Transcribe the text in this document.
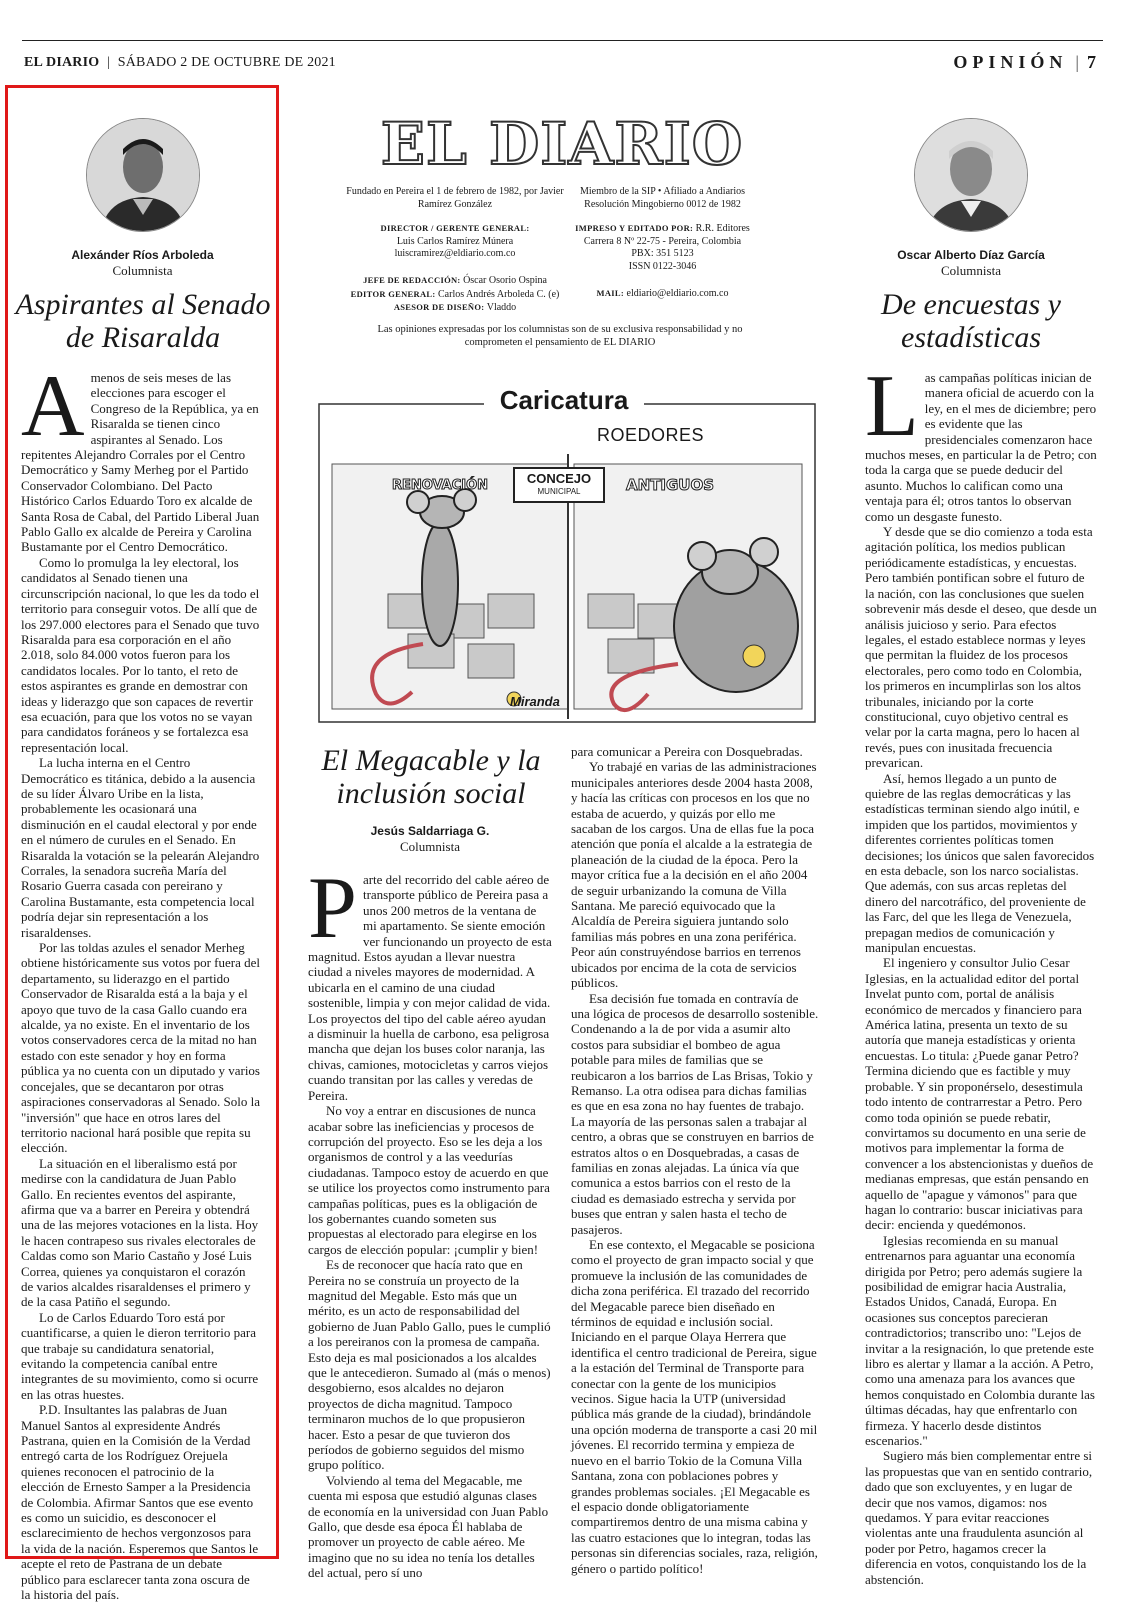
EL DIARIO | SÁBADO 2 DE OCTUBRE DE 2021	OPINIÓN | 7
Alexánder Ríos Arboleda
Columnista
Aspirantes al Senado de Risaralda
A menos de seis meses de las elecciones para escoger el Congreso de la República, ya en Risaralda se tienen cinco aspirantes al Senado. Los repitentes Alejandro Corrales por el Centro Democrático y Samy Merheg por el Partido Conservador Colombiano. Del Pacto Histórico Carlos Eduardo Toro ex alcalde de Santa Rosa de Cabal, del Partido Liberal Juan Pablo Gallo ex alcalde de Pereira y Carolina Bustamante por el Centro Democrático.

Como lo promulga la ley electoral, los candidatos al Senado tienen una circunscripción nacional, lo que les da todo el territorio para conseguir votos. De allí que de los 297.000 electores para el Senado que tuvo Risaralda para esa corporación en el año 2.018, solo 84.000 votos fueron para los candidatos locales. Por lo tanto, el reto de estos aspirantes es grande en demostrar con ideas y liderazgo que son capaces de revertir esa ecuación, para que los votos no se vayan para candidatos foráneos y se fortalezca esa representación local.

La lucha interna en el Centro Democrático es titánica, debido a la ausencia de su líder Álvaro Uribe en la lista, probablemente les ocasionará una disminución en el caudal electoral y por ende en el número de curules en el Senado. En Risaralda la votación se la pelearán Alejandro Corrales, la senadora sucreña María del Rosario Guerra casada con pereirano y Carolina Bustamante, esta competencia local podría dejar sin representación a los risaraldenses.

Por las toldas azules el senador Merheg obtiene históricamente sus votos por fuera del departamento, su liderazgo en el partido Conservador de Risaralda está a la baja y el apoyo que tuvo de la casa Gallo cuando era alcalde, ya no existe. En el inventario de los votos conservadores cerca de la mitad no han estado con este senador y hoy en forma pública ya no cuenta con un diputado y varios concejales, que se decantaron por otras aspiraciones conservadoras al Senado. Solo la "inversión" que hace en otros lares del territorio nacional hará posible que repita su elección.

La situación en el liberalismo está por medirse con la candidatura de Juan Pablo Gallo. En recientes eventos del aspirante, afirma que va a barrer en Pereira y obtendrá una de las mejores votaciones en la lista. Hoy le hacen contrapeso sus rivales electorales de Caldas como son Mario Castaño y José Luis Correa, quienes ya conquistaron el corazón de varios alcaldes risaraldenses el primero y de la casa Patiño el segundo.

Lo de Carlos Eduardo Toro está por cuantificarse, a quien le dieron territorio para que trabaje su candidatura senatorial, evitando la competencia caníbal entre integrantes de su movimiento, como si ocurre en las otras huestes.

P.D. Insultantes las palabras de Juan Manuel Santos al expresidente Andrés Pastrana, quien en la Comisión de la Verdad entregó carta de los Rodríguez Orejuela quienes reconocen el patrocinio de la elección de Ernesto Samper a la Presidencia de Colombia. Afirmar Santos que ese evento es como un suicidio, es desconocer el esclarecimiento de hechos vergonzosos para la vida de la nación. Esperemos que Santos le acepte el reto de Pastrana de un debate público para esclarecer tanta zona oscura de la historia del país.

EL DIARIO
Fundado en Pereira el 1 de febrero de 1982, por Javier Ramírez González
Miembro de la SIP • Afiliado a Andiarios Resolución Mingobierno 0012 de 1982
DIRECTOR / GERENTE GENERAL:
Luis Carlos Ramírez Múnera
luiscramirez@eldiario.com.co
IMPRESO Y EDITADO POR: R.R. Editores
Carrera 8 Nº 22-75 - Pereira, Colombia
PBX: 351 5123
ISSN 0122-3046
JEFE DE REDACCIÓN: Óscar Osorio Ospina
EDITOR GENERAL: Carlos Andrés Arboleda C. (e)
ASESOR DE DISEÑO: Vladdo
MAIL: eldiario@eldiario.com.co
Las opiniones expresadas por los columnistas son de su exclusiva responsabilidad y no comprometen el pensamiento de EL DIARIO
Caricatura
ROEDORES
CONCEJO
MUNICIPAL
RENOVACIÓN	ANTIGUOS
Miranda
El Megacable y la inclusión social
Jesús Saldarriaga G.
Columnista
P arte del recorrido del cable aéreo de transporte público de Pereira pasa a unos 200 metros de la ventana de mi apartamento. Se siente emoción ver funcionando un proyecto de esta magnitud. Estos ayudan a llevar nuestra ciudad a niveles mayores de modernidad. A ubicarla en el camino de una ciudad sostenible, limpia y con mejor calidad de vida. Los proyectos del tipo del cable aéreo ayudan a disminuir la huella de carbono, esa peligrosa mancha que dejan los buses color naranja, las chivas, camiones, motocicletas y carros viejos cuando transitan por las calles y veredas de Pereira.

No voy a entrar en discusiones de nunca acabar sobre las ineficiencias y procesos de corrupción del proyecto. Eso se les deja a los organismos de control y a las veedurías ciudadanas. Tampoco estoy de acuerdo en que se utilice los proyectos como instrumento para campañas políticas, pues es la obligación de los gobernantes cuando someten sus propuestas al electorado para elegirse en los cargos de elección popular: ¡cumplir y bien!

Es de reconocer que hacía rato que en Pereira no se construía un proyecto de la magnitud del Megable. Esto más que un mérito, es un acto de responsabilidad del gobierno de Juan Pablo Gallo, pues le cumplió a los pereiranos con la promesa de campaña. Esto deja es mal posicionados a los alcaldes que le antecedieron. Sumado al (más o menos) desgobierno, esos alcaldes no dejaron proyectos de dicha magnitud. Tampoco terminaron muchos de lo que propusieron hacer. Esto a pesar de que tuvieron dos períodos de gobierno seguidos del mismo grupo político.

Volviendo al tema del Megacable, me cuenta mi esposa que estudió algunas clases de economía en la universidad con Juan Pablo Gallo, que desde esa época Él hablaba de promover un proyecto de cable aéreo. Me imagino que no su idea no tenía los detalles del actual, pero sí uno

para comunicar a Pereira con Dosquebradas.

Yo trabajé en varias de las administraciones municipales anteriores desde 2004 hasta 2008, y hacía las críticas con procesos en los que no estaba de acuerdo, y quizás por ello me sacaban de los cargos. Una de ellas fue la poca atención que ponía el alcalde a la estrategia de planeación de la ciudad de la época. Pero la mayor crítica fue a la decisión en el año 2004 de seguir urbanizando la comuna de Villa Santana. Me pareció equivocado que la Alcaldía de Pereira siguiera juntando solo familias más pobres en una zona periférica. Peor aún construyéndose barrios en terrenos ubicados por encima de la cota de servicios públicos.

Esa decisión fue tomada en contravía de una lógica de procesos de desarrollo sostenible. Condenando a la de por vida a asumir alto costos para subsidiar el bombeo de agua potable para miles de familias que se reubicaron a los barrios de Las Brisas, Tokio y Remanso. La otra odisea para dichas familias es que en esa zona no hay fuentes de trabajo. La mayoría de las personas salen a trabajar al centro, a obras que se construyen en barrios de estratos altos o en Dosquebradas, a casas de familias en zonas alejadas. La única vía que comunica a estos barrios con el resto de la ciudad es demasiado estrecha y servida por buses que entran y salen hasta el techo de pasajeros.

En ese contexto, el Megacable se posiciona como el proyecto de gran impacto social y que promueve la inclusión de las comunidades de dicha zona periférica. El trazado del recorrido del Megacable parece bien diseñado en términos de equidad e inclusión social. Iniciando en el parque Olaya Herrera que identifica el centro tradicional de Pereira, sigue a la estación del Terminal de Transporte para conectar con la gente de los municipios vecinos. Sigue hacia la UTP (universidad pública más grande de la ciudad), brindándole una opción moderna de transporte a casi 20 mil jóvenes. El recorrido termina y empieza de nuevo en el barrio Tokio de la Comuna Villa Santana, zona con poblaciones pobres y grandes problemas sociales. ¡El Megacable es el espacio donde obligatoriamente compartiremos dentro de una misma cabina y las cuatro estaciones que lo integran, todas las personas sin diferencias sociales, raza, religión, género o partido político!

Oscar Alberto Díaz García
Columnista
De encuestas y estadísticas
L as campañas políticas inician de manera oficial de acuerdo con la ley, en el mes de diciembre; pero es evidente que las presidenciales comenzaron hace muchos meses, en particular la de Petro; con toda la carga que se puede deducir del asunto. Muchos lo califican como una ventaja para él; otros tantos lo observan como un desgaste funesto.

Y desde que se dio comienzo a toda esta agitación política, los medios publican periódicamente estadísticas, y encuestas. Pero también pontifican sobre el futuro de la nación, con las conclusiones que suelen sobrevenir más desde el deseo, que desde un análisis juicioso y serio. Para efectos legales, el estado establece normas y leyes que permitan la fluidez de los procesos electorales, pero como todo en Colombia, los primeros en incumplirlas son los altos tribunales, iniciando por la corte constitucional, cuyo objetivo central es velar por la carta magna, pero lo hacen al revés, pues con inusitada frecuencia prevarican.

Así, hemos llegado a un punto de quiebre de las reglas democráticas y las estadísticas terminan siendo algo inútil, e impiden que los partidos, movimientos y diferentes corrientes políticas tomen decisiones; los únicos que salen favorecidos en esta debacle, son los narco socialistas. Que además, con sus arcas repletas del dinero del narcotráfico, del proveniente de las Farc, del que les llega de Venezuela, prepagan medios de comunicación y manipulan encuestas.

El ingeniero y consultor Julio Cesar Iglesias, en la actualidad editor del portal Invelat punto com, portal de análisis económico de mercados y financiero para América latina, presenta un texto de su autoría que maneja estadísticas y orienta encuestas. Lo titula: ¿Puede ganar Petro? Termina diciendo que es factible y muy probable. Y sin proponérselo, desestimula todo intento de contrarrestar a Petro. Pero como toda opinión se puede rebatir, convirtamos su documento en una serie de motivos para implementar la forma de convencer a los abstencionistas y dueños de medianas empresas, que están pensando en aquello de "apague y vámonos" para que hagan lo contrario: buscar iniciativas para decir: encienda y quedémonos.

Iglesias recomienda en su manual entrenarnos para aguantar una economía dirigida por Petro; pero además sugiere la posibilidad de emigrar hacia Australia, Estados Unidos, Canadá, Europa. En ocasiones sus conceptos parecieran contradictorios; transcribo uno: "Lejos de invitar a la resignación, lo que pretende este libro es alertar y llamar a la acción. A Petro, como una amenaza para los avances que hemos conquistado en Colombia durante las últimas décadas, hay que enfrentarlo con firmeza. Y hacerlo desde distintos escenarios."

Sugiero más bien complementar entre si las propuestas que van en sentido contrario, dado que son excluyentes, y en lugar de decir que nos vamos, digamos: nos quedamos. Y para evitar reacciones violentas ante una fraudulenta asunción al poder por Petro, hagamos crecer la diferencia en votos, conquistando los de la abstención.
